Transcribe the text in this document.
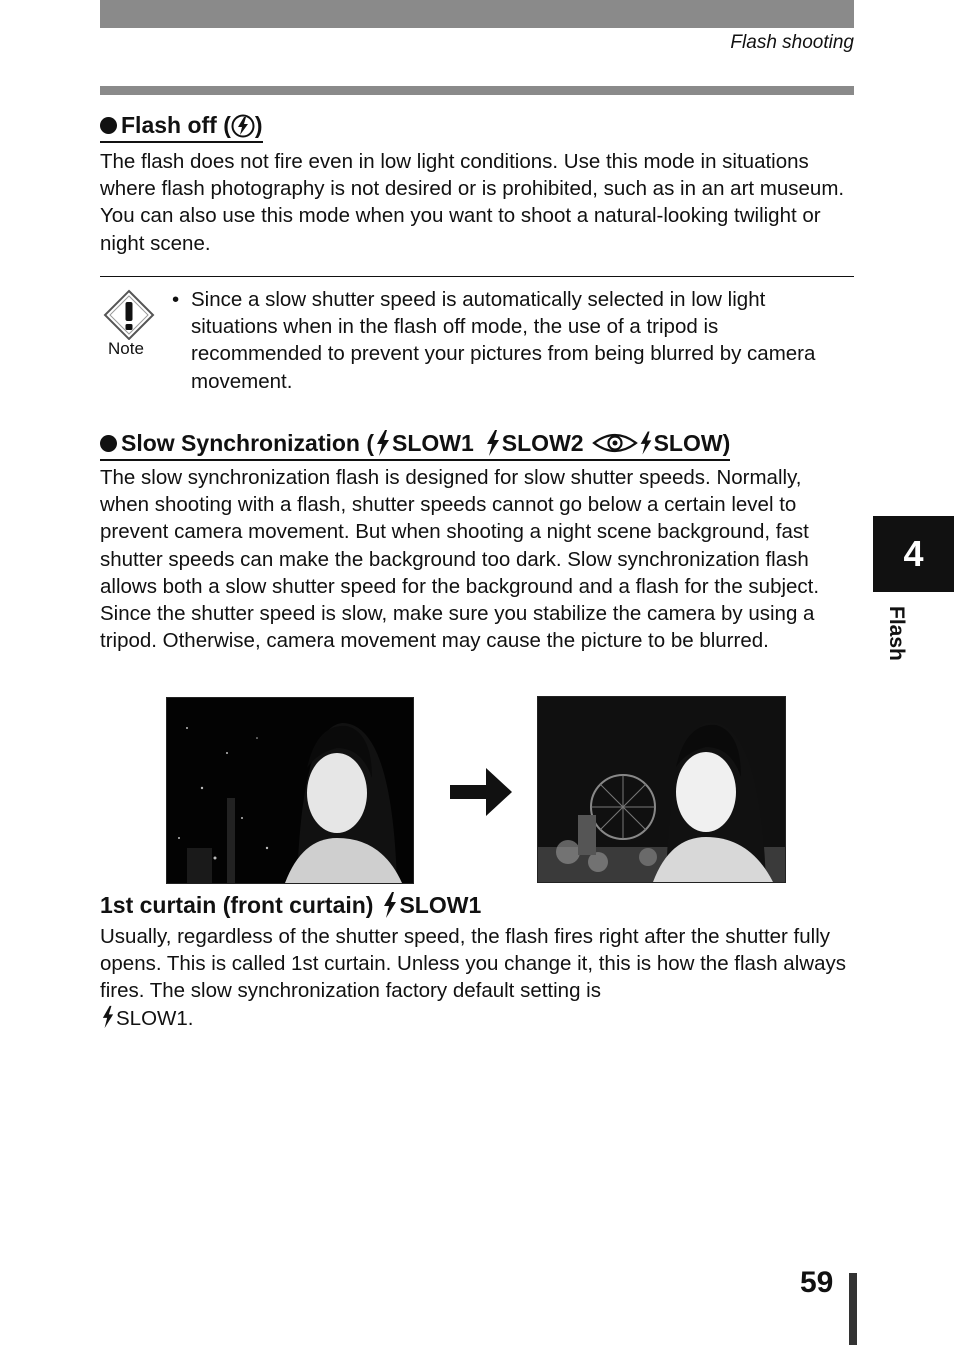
Flash shooting
Flash off ( )
The flash does not fire even in low light conditions. Use this mode in situations where flash photography is not desired or is prohibited, such as in an art museum. You can also use this mode when you want to shoot a natural-looking twilight or night scene.
Note
• Since a slow shutter speed is automatically selected in low light situations when in the flash off mode, the use of a tripod is recommended to prevent your pictures from being blurred by camera movement.
Slow Synchronization ( SLOW1 SLOW2	SLOW)
The slow synchronization flash is designed for slow shutter speeds. Normally, when shooting with a flash, shutter speeds cannot go below a certain level to prevent camera movement. But when shooting a night scene background, fast shutter speeds can make the background too dark. Slow synchronization flash allows both a slow shutter speed for the background and a flash for the subject. Since the shutter speed is slow, make sure you stabilize the camera by using a tripod. Otherwise, camera movement may cause the picture to be blurred.
1st curtain (front curtain) SLOW1
Usually, regardless of the shutter speed, the flash fires right after the shutter fully opens. This is called 1st curtain. Unless you change it, this is how the flash always fires. The slow synchronization factory default setting is
SLOW1.
4
Flash
59
